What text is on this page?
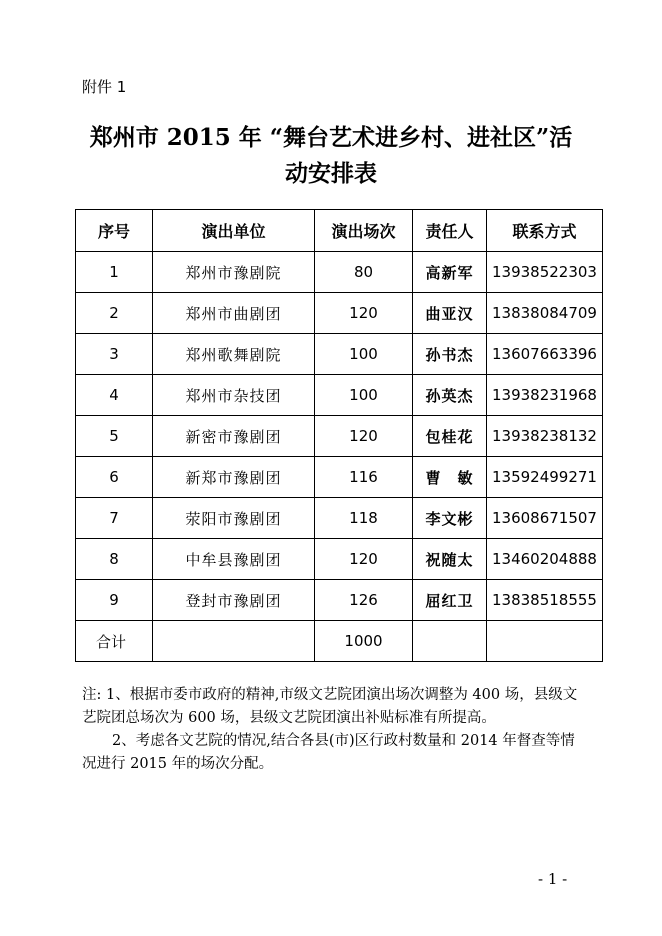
附件 1
郑州市 2015 年 “舞台艺术进乡村、进社区”活
动安排表
序号	演出单位	演出场次	责任人	联系方式
1	郑州市豫剧院	80	高新军	13938522303
2	郑州市曲剧团	120	曲亚汉	13838084709
3	郑州歌舞剧院	100	孙书杰	13607663396
4	郑州市杂技团	100	孙英杰	13938231968
5	新密市豫剧团	120	包桂花	13938238132
6	新郑市豫剧团	116	曹　敏	13592499271
7	荥阳市豫剧团	118	李文彬	13608671507
8	中牟县豫剧团	120	祝随太	13460204888
9	登封市豫剧团	126	屈红卫	13838518555
合计		1000		

注: 1、根据市委市政府的精神,市级文艺院团演出场次调整为 400 场，县级文艺院团总场次为 600 场，县级文艺院团演出补贴标准有所提高。

2、考虑各文艺院的情况,结合各县(市)区行政村数量和 2014 年督查等情况进行 2015 年的场次分配。

- 1 -
